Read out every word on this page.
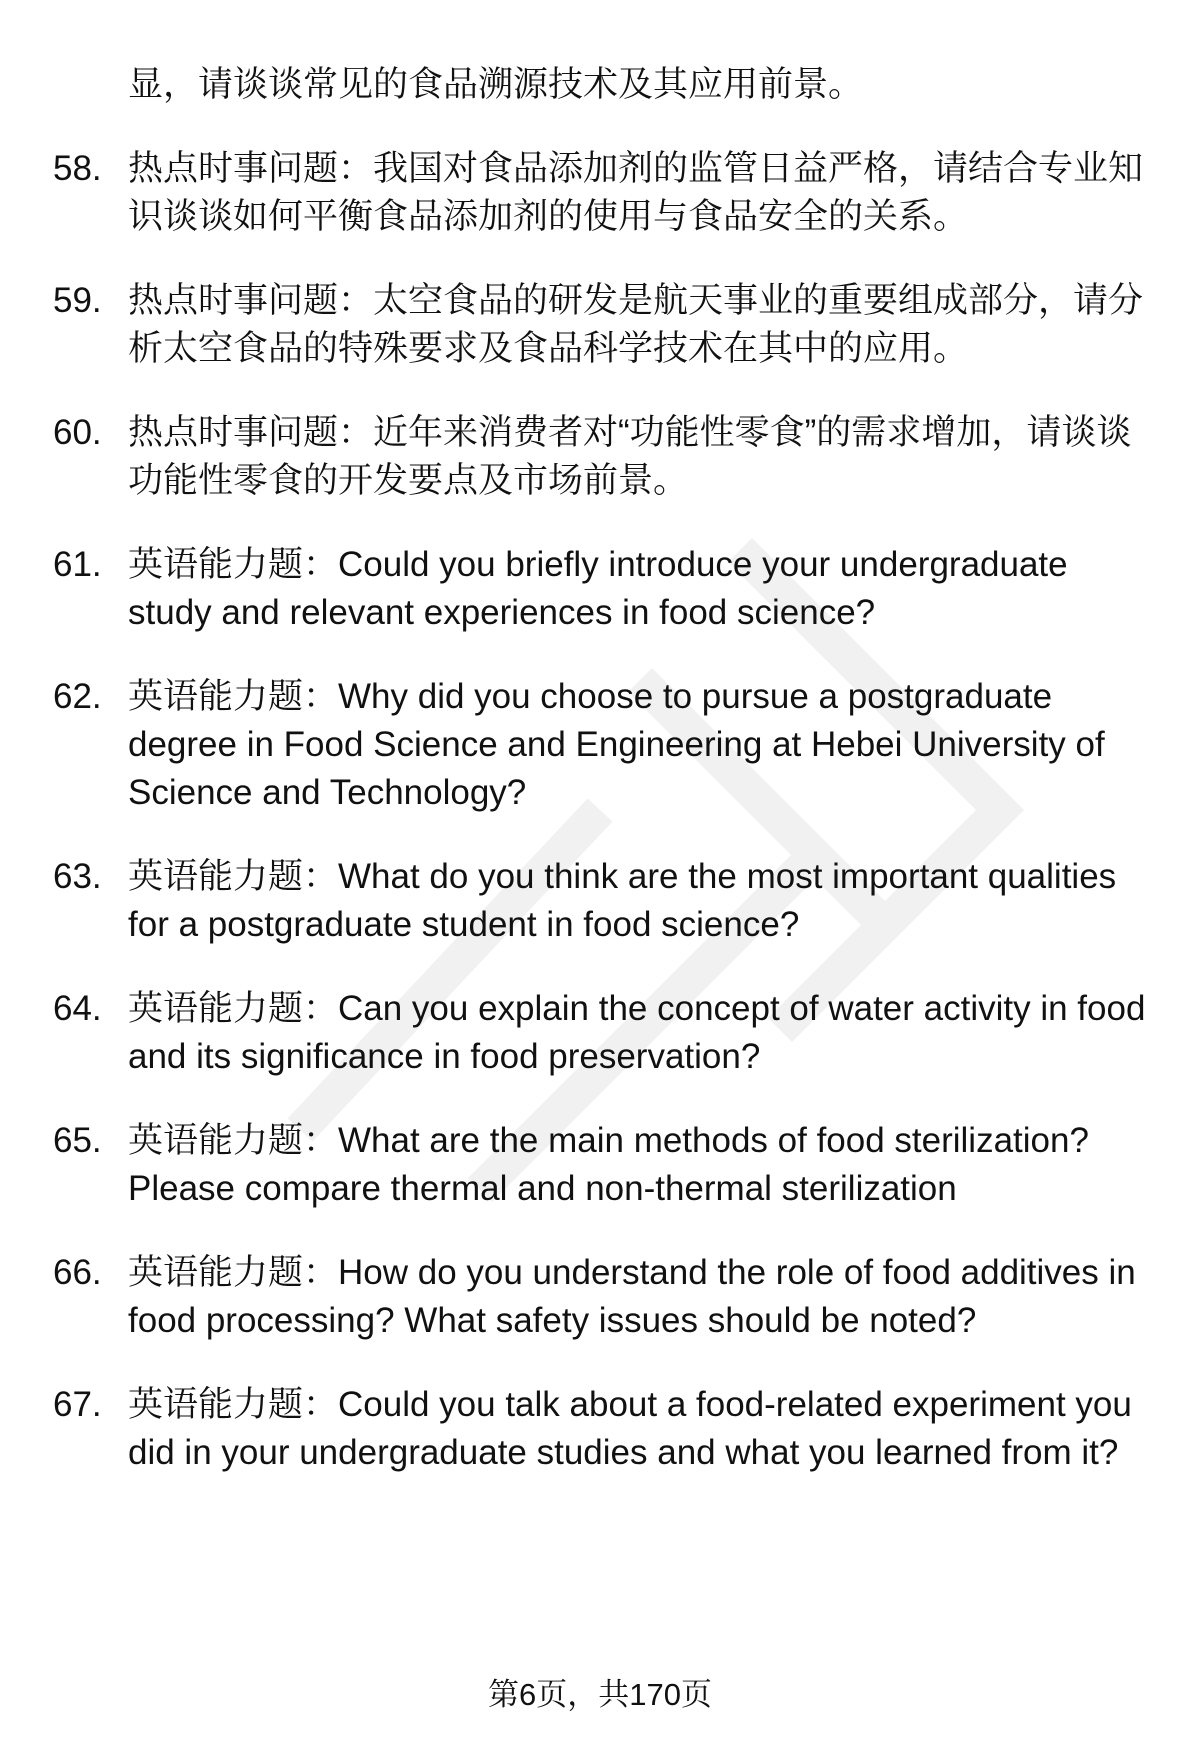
显，请谈谈常见的食品溯源技术及其应用前景。
58. 热点时事问题：我国对食品添加剂的监管日益严格，请结合专业知识谈谈如何平衡食品添加剂的使用与食品安全的关系。
59. 热点时事问题：太空食品的研发是航天事业的重要组成部分，请分析太空食品的特殊要求及食品科学技术在其中的应用。
60. 热点时事问题：近年来消费者对“功能性零食”的需求增加，请谈谈功能性零食的开发要点及市场前景。
61. 英语能力题：Could you briefly introduce your undergraduate study and relevant experiences in food science?
62. 英语能力题：Why did you choose to pursue a postgraduate degree in Food Science and Engineering at Hebei University of Science and Technology?
63. 英语能力题：What do you think are the most important qualities for a postgraduate student in food science?
64. 英语能力题：Can you explain the concept of water activity in food and its significance in food preservation?
65. 英语能力题：What are the main methods of food sterilization? Please compare thermal and non-thermal sterilization
66. 英语能力题：How do you understand the role of food additives in food processing? What safety issues should be noted?
67. 英语能力题：Could you talk about a food-related experiment you did in your undergraduate studies and what you learned from it?
第6页，共170页
